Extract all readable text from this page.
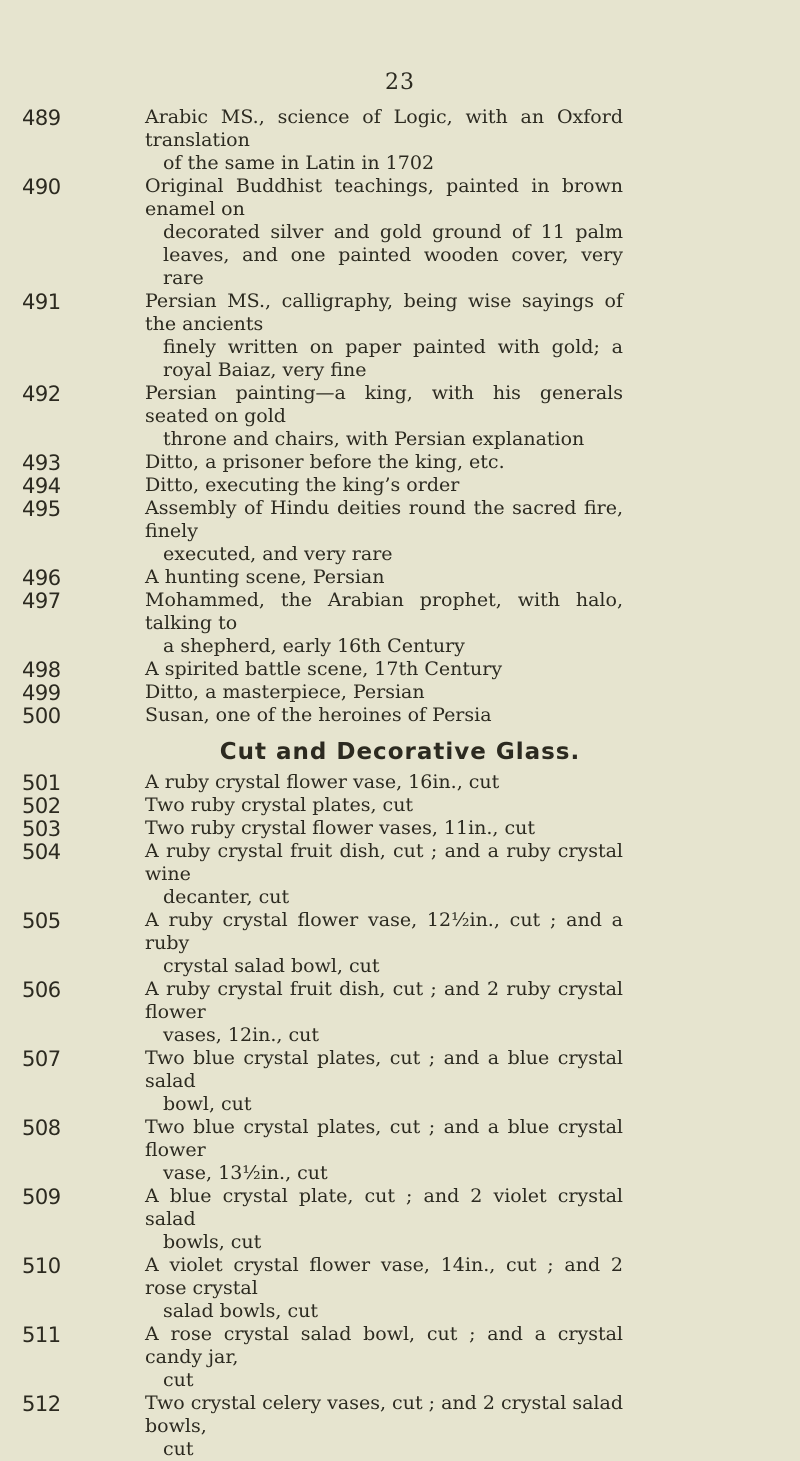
23
489	Arabic MS., science of Logic, with an Oxford translation
of the same in Latin in 1702
490	Original Buddhist teachings, painted in brown enamel on
decorated silver and gold ground of 11 palm leaves, and one painted wooden cover, very rare
491	Persian MS., calligraphy, being wise sayings of the ancients
finely written on paper painted with gold; a royal Baiaz, very fine
492	Persian painting—a king, with his generals seated on gold
throne and chairs, with Persian explanation
493	Ditto, a prisoner before the king, etc.
494	Ditto, executing the king’s order
495	Assembly of Hindu deities round the sacred fire, finely
executed, and very rare
496	A hunting scene, Persian
497	Mohammed, the Arabian prophet, with halo, talking to
a shepherd, early 16th Century
498	A spirited battle scene, 17th Century
499	Ditto, a masterpiece, Persian
500	Susan, one of the heroines of Persia
Cut and Decorative Glass.
501	A ruby crystal flower vase, 16in., cut
502	Two ruby crystal plates, cut
503	Two ruby crystal flower vases, 11in., cut
504	A ruby crystal fruit dish, cut ; and a ruby crystal wine
decanter, cut
505	A ruby crystal flower vase, 12½in., cut ; and a ruby
crystal salad bowl, cut
506	A ruby crystal fruit dish, cut ; and 2 ruby crystal flower
vases, 12in., cut
507	Two blue crystal plates, cut ; and a blue crystal salad
bowl, cut
508	Two blue crystal plates, cut ; and a blue crystal flower
vase, 13½in., cut
509	A blue crystal plate, cut ; and 2 violet crystal salad
bowls, cut
510	A violet crystal flower vase, 14in., cut ; and 2 rose crystal
salad bowls, cut
511	A rose crystal salad bowl, cut ; and a crystal candy jar,
cut
512	Two crystal celery vases, cut ; and 2 crystal salad bowls,
cut
